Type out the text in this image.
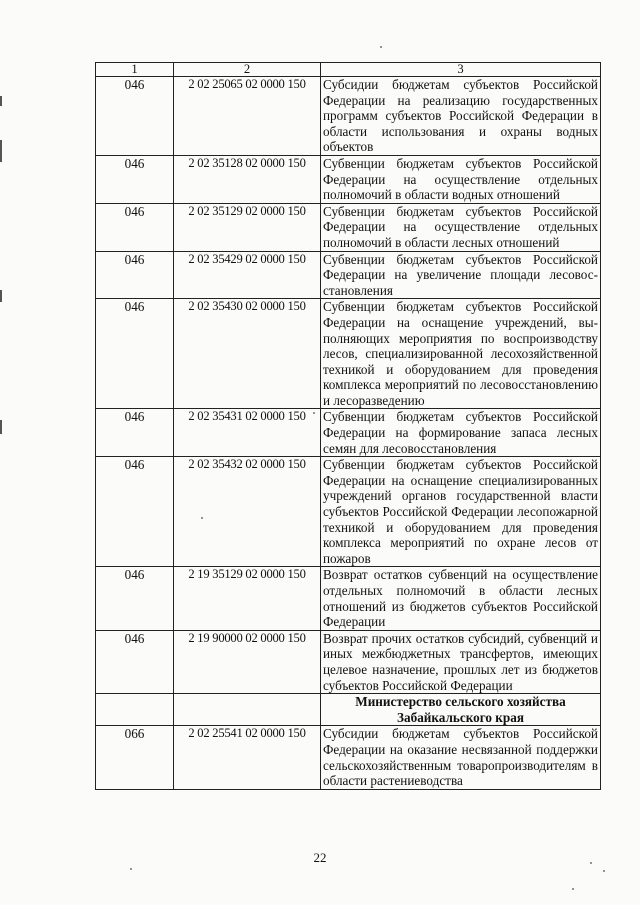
1	2	3
046	2 02 25065 02 0000 150	Субсидии бюджетам субъектов Российской Федерации на реализацию государственных программ субъектов Российской Федерации в области использования и охраны водных объектов
046	2 02 35128 02 0000 150	Субвенции бюджетам субъектов Российской Федерации на осуществление отдельных полномочий в области водных отношений
046	2 02 35129 02 0000 150	Субвенции бюджетам субъектов Российской Федерации на осуществление отдельных полномочий в области лесных отношений
046	2 02 35429 02 0000 150	Субвенции бюджетам субъектов Российской Федерации на увеличение площади лесовосстановления
046	2 02 35430 02 0000 150	Субвенции бюджетам субъектов Российской Федерации на оснащение учреждений, выполняющих мероприятия по воспроизводству лесов, специализированной лесохозяйственной техникой и оборудованием для проведения комплекса мероприятий по лесовосстановлению и лесоразведению
046	2 02 35431 02 0000 150	Субвенции бюджетам субъектов Российской Федерации на формирование запаса лесных семян для лесовосстановления
046	2 02 35432 02 0000 150	Субвенции бюджетам субъектов Российской Федерации на оснащение специализированных учреждений органов государственной власти субъектов Российской Федерации лесопожарной техникой и оборудованием для проведения комплекса мероприятий по охране лесов от пожаров
046	2 19 35129 02 0000 150	Возврат остатков субвенций на осуществление отдельных полномочий в области лесных отношений из бюджетов субъектов Российской Федерации
046	2 19 90000 02 0000 150	Возврат прочих остатков субсидий, субвенций и иных межбюджетных трансфертов, имеющих целевое назначение, прошлых лет из бюджетов субъектов Российской Федерации
		Министерство сельского хозяйства Забайкальского края
066	2 02 25541 02 0000 150	Субсидии бюджетам субъектов Российской Федерации на оказание несвязанной поддержки сельскохозяйственным товаропроизводителям в области растениеводства
22
